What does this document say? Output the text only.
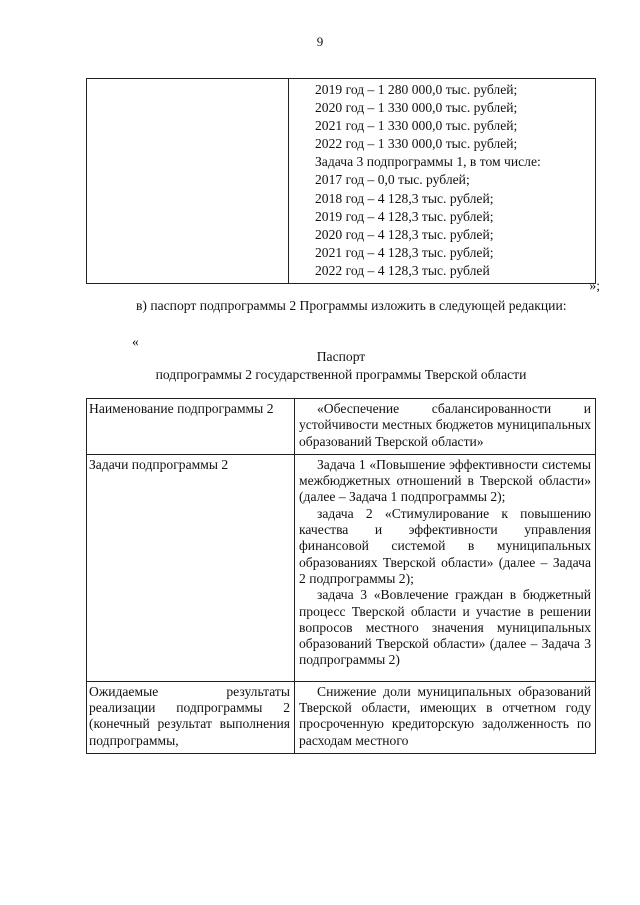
9

2019 год – 1 280 000,0 тыс. рублей;
2020 год – 1 330 000,0 тыс. рублей;
2021 год – 1 330 000,0 тыс. рублей;
2022 год – 1 330 000,0 тыс. рублей;
Задача 3 подпрограммы 1, в том числе:
2017 год – 0,0 тыс. рублей;
2018 год – 4 128,3 тыс. рублей;
2019 год – 4 128,3 тыс. рублей;
2020 год – 4 128,3 тыс. рублей;
2021 год – 4 128,3 тыс. рублей;
2022 год – 4 128,3 тыс. рублей
»;
в) паспорт подпрограммы 2 Программы изложить в следующей редакции:
«
Паспорт
подпрограммы 2 государственной программы Тверской области
Наименование подпрограммы 2	«Обеспечение сбалансированности и устойчивости местных бюджетов муниципальных образований Тверской области»

Задачи подпрограммы 2	Задача 1 «Повышение эффективности системы межбюджетных отношений в Тверской области» (далее – Задача 1 подпрограммы 2);
задача 2 «Стимулирование к повышению качества и эффективности управления финансовой системой в муниципальных образованиях Тверской области» (далее – Задача 2 подпрограммы 2);
задача 3 «Вовлечение граждан в бюджетный процесс Тверской области и участие в решении вопросов местного значения муниципальных образований Тверской области» (далее – Задача 3 подпрограммы 2)

Ожидаемые результаты реализации подпрограммы 2 (конечный результат выполнения подпрограммы,	Снижение доли муниципальных образований Тверской области, имеющих в отчетном году просроченную кредиторскую задолженность по расходам местного
